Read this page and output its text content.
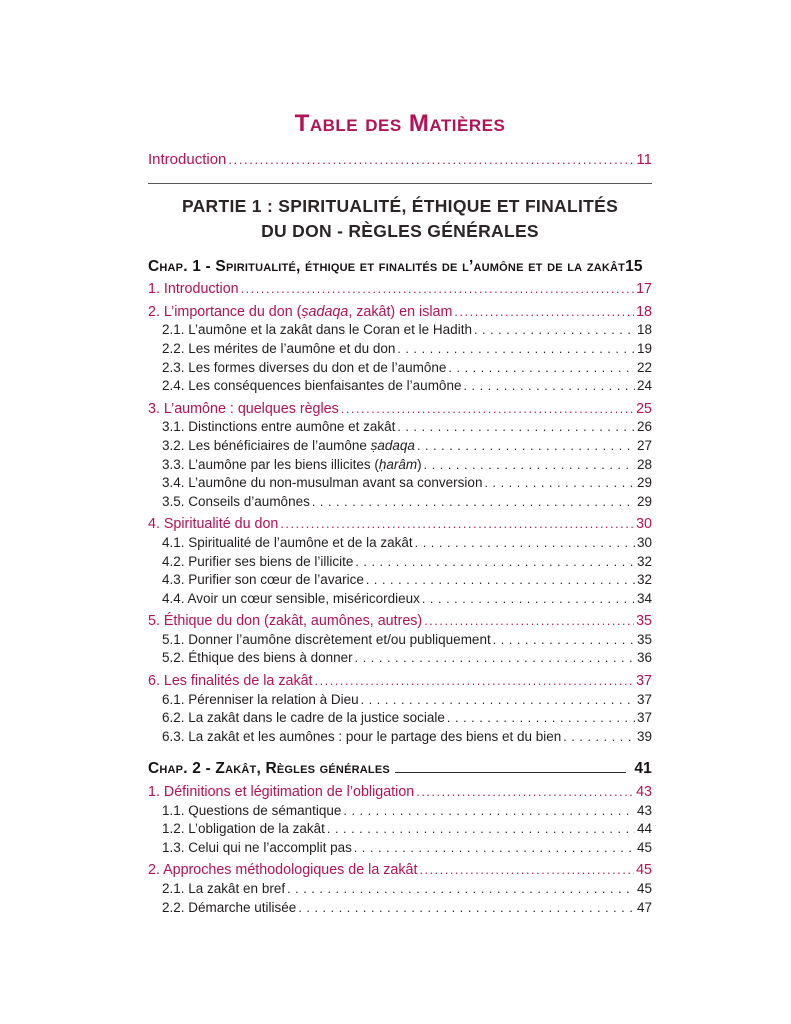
Table des Matières
Introduction .....	11
PARTIE 1 : SPIRITUALITÉ, ÉTHIQUE ET FINALITÉS
DU DON - RÈGLES GÉNÉRALES
Chap. 1 - Spiritualité, éthique et finalités de l’aumône et de la zakât 15
1. Introduction .....	17
2. L’importance du don (ṣadaqa, zakât) en islam .....	18
2.1. L’aumône et la zakât dans le Coran et le Hadith .....	18
2.2. Les mérites de l’aumône et du don .....	19
2.3. Les formes diverses du don et de l’aumône .....	22
2.4. Les conséquences bienfaisantes de l’aumône .....	24
3. L’aumône : quelques règles .....	25
3.1. Distinctions entre aumône et zakât .....	26
3.2. Les bénéficiaires de l’aumône ṣadaqa .....	27
3.3. L’aumône par les biens illicites (ḥarâm) .....	28
3.4. L’aumône du non-musulman avant sa conversion .....	29
3.5. Conseils d’aumônes .....	29
4. Spiritualité du don .....	30
4.1. Spiritualité de l’aumône et de la zakât .....	30
4.2. Purifier ses biens de l’illicite .....	32
4.3. Purifier son cœur de l’avarice .....	32
4.4. Avoir un cœur sensible, miséricordieux .....	34
5. Éthique du don (zakât, aumônes, autres) .....	35
5.1. Donner l’aumône discrètement et/ou publiquement .....	35
5.2. Éthique des biens à donner .....	36
6. Les finalités de la zakât .....	37
6.1. Pérenniser la relation à Dieu .....	37
6.2. La zakât dans le cadre de la justice sociale .....	37
6.3. La zakât et les aumônes : pour le partage des biens et du bien .....	39
Chap. 2 - Zakât, Règles générales	41
1. Définitions et légitimation de l’obligation .....	43
1.1. Questions de sémantique .....	43
1.2. L’obligation de la zakât .....	44
1.3. Celui qui ne l’accomplit pas .....	45
2. Approches méthodologiques de la zakât .....	45
2.1. La zakât en bref .....	45
2.2. Démarche utilisée .....	47
